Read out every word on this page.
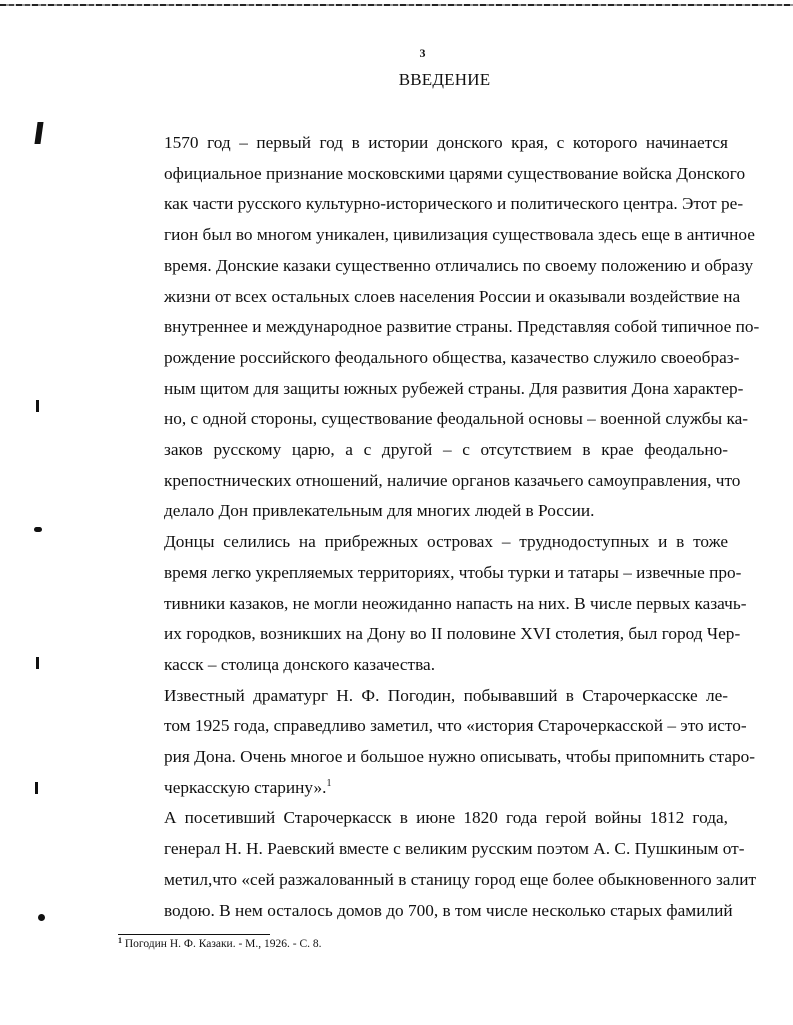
3
ВВЕДЕНИЕ

1570 год – первый год в истории донского края, с которого начинается
официальное признание московскими царями существование войска Донского
как части русского культурно-исторического и политического центра. Этот ре-
гион был во многом уникален, цивилизация существовала здесь еще в античное
время. Донские казаки существенно отличались по своему положению и образу
жизни от всех остальных слоев населения России и оказывали воздействие на
внутреннее и международное развитие страны. Представляя собой типичное по-
рождение российского феодального общества, казачество служило своеобраз-
ным щитом для защиты южных рубежей страны. Для развития Дона характер-
но, с одной стороны, существование феодальной основы – военной службы ка-
заков русскому царю, а с другой – с отсутствием в крае феодально-
крепостнических отношений, наличие органов казачьего самоуправления, что
делало Дон привлекательным для многих людей в России.

Донцы селились на прибрежных островах – труднодоступных и в тоже
время легко укрепляемых территориях, чтобы турки и татары – извечные про-
тивники казаков, не могли неожиданно напасть на них. В числе первых казачь-
их городков, возникших на Дону во II половине XVI столетия, был город Чер-
касск – столица донского казачества.

Известный драматург Н. Ф. Погодин, побывавший в Старочеркасске ле-
том 1925 года, справедливо заметил, что «история Старочеркасской – это исто-
рия Дона. Очень многое и большое нужно описывать, чтобы припомнить старо-
черкасскую старину».$^1$

А посетивший Старочеркасск в июне 1820 года герой войны 1812 года,
генерал Н. Н. Раевский вместе с великим русским поэтом А. С. Пушкиным от-
метил,что «сей разжалованный в станицу город еще более обыкновенного залит
водою. В нем осталось домов до 700, в том числе несколько старых фамилий

$^1$ Погодин Н. Ф. Казаки. - М., 1926. - С. 8.
